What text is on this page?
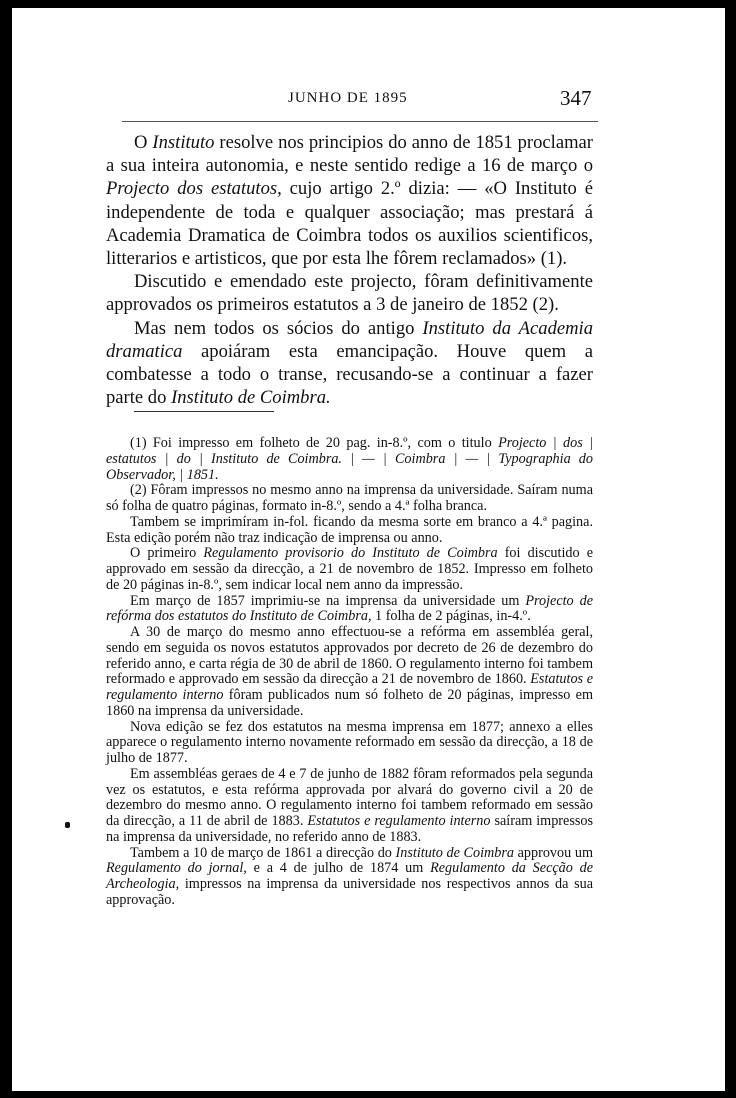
JUNHO DE 1895	347

O Instituto resolve nos principios do anno de 1851 proclamar a sua inteira autonomia, e neste sentido redige a 16 de março o Projecto dos estatutos, cujo artigo 2.º dizia: — «O Instituto é independente de toda e qualquer associação; mas prestará á Academia Dramatica de Coimbra todos os auxilios scientificos, litterarios e artisticos, que por esta lhe fôrem reclamados» (1).

Discutido e emendado este projecto, fôram definitivamente approvados os primeiros estatutos a 3 de janeiro de 1852 (2).

Mas nem todos os sócios do antigo Instituto da Academia dramatica apoiáram esta emancipação. Houve quem a combatesse a todo o transe, recusando-se a continuar a fazer parte do Instituto de Coimbra.

(1) Foi impresso em folheto de 20 pag. in-8.º, com o titulo Projecto | dos | estatutos | do | Instituto de Coimbra. | — | Coimbra | — | Typographia do Observador, | 1851.

(2) Fôram impressos no mesmo anno na imprensa da universidade. Saíram numa só folha de quatro páginas, formato in-8.º, sendo a 4.ª folha branca.

Tambem se imprimíram in-fol. ficando da mesma sorte em branco a 4.ª pagina. Esta edição porém não traz indicação de imprensa ou anno.

O primeiro Regulamento provisorio do Instituto de Coimbra foi discutido e approvado em sessão da direcção, a 21 de novembro de 1852. Impresso em folheto de 20 páginas in-8.º, sem indicar local nem anno da impressão.

Em março de 1857 imprimiu-se na imprensa da universidade um Projecto de refórma dos estatutos do Instituto de Coimbra, 1 folha de 2 páginas, in-4.º.

A 30 de março do mesmo anno effectuou-se a refórma em assembléa geral, sendo em seguida os novos estatutos approvados por decreto de 26 de dezembro do referido anno, e carta régia de 30 de abril de 1860. O regulamento interno foi tambem reformado e approvado em sessão da direcção a 21 de novembro de 1860. Estatutos e regulamento interno fôram publicados num só folheto de 20 páginas, impresso em 1860 na imprensa da universidade.

Nova edição se fez dos estatutos na mesma imprensa em 1877; annexo a elles apparece o regulamento interno novamente reformado em sessão da direcção, a 18 de julho de 1877.

Em assembléas geraes de 4 e 7 de junho de 1882 fôram reformados pela segunda vez os estatutos, e esta refórma approvada por alvará do governo civil a 20 de dezembro do mesmo anno. O regulamento interno foi tambem reformado em sessão da direcção, a 11 de abril de 1883. Estatutos e regulamento interno saíram impressos na imprensa da universidade, no referido anno de 1883.

Tambem a 10 de março de 1861 a direcção do Instituto de Coimbra approvou um Regulamento do jornal, e a 4 de julho de 1874 um Regulamento da Secção de Archeologia, impressos na imprensa da universidade nos respectivos annos da sua approvação.
